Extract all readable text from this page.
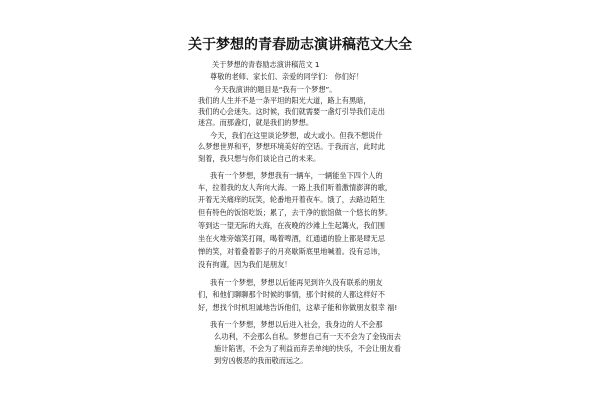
关于梦想的青春励志演讲稿范文大全
关于梦想的青春励志演讲稿范文 1
尊敬的老师、家长们、亲爱的同学们： 你们好！
今天我演讲的题目是“我有一个梦想”。
我们的人生并不是一条平坦的阳光大道，路上有黑暗，
我们的心会迷失。这时候，我们就需要一盏灯引导我们走出
迷宫。而那盏灯，就是我们的梦想。
今天，我们在这里谈论梦想，或大或小。但我不想说什
么梦想世界和平，梦想环境美好的空话。于我而言，此时此
刻着，我只想与你们谈论自己的未来。
我有一个梦想，梦想我有一辆车，一辆能坐下四个人的
车，拉着我的友人奔向大海。一路上我们听着激情澎湃的歌，
开着无关痛痒的玩笑，轮番地开着夜车。饿了，去路边陌生
但有特色的饭馆吃饭；累了，去干净的旅馆做一个悠长的梦。
等到达一望无际的大海，在夜晚的沙滩上生起篝火，我们围
坐在火堆旁嬉笑打闹，喝着啤酒，红通通的脸上都是肆无忌
惮的笑，对着叠着影子的月亮歇斯底里地喊着。没有忌讳，
没有拘谨，因为我们是朋友！
我有一个梦想，梦想以后能再见到许久没有联系的朋友
们，和他们聊聊那个时候的事情，那个时候的人都这样好不
好，想找个时机坦诚地告诉他们，这辈子能和你做朋友很幸 福!
我有一个梦想，梦想以后进入社会，我身边的人不会那
么功利，不会那么自私。梦想自己有一天不会为了金钱而去
施计陷害，不会为了利益而弃丢单纯的快乐，不会让朋友看
到穷凶极恶的我而敬而远之。
